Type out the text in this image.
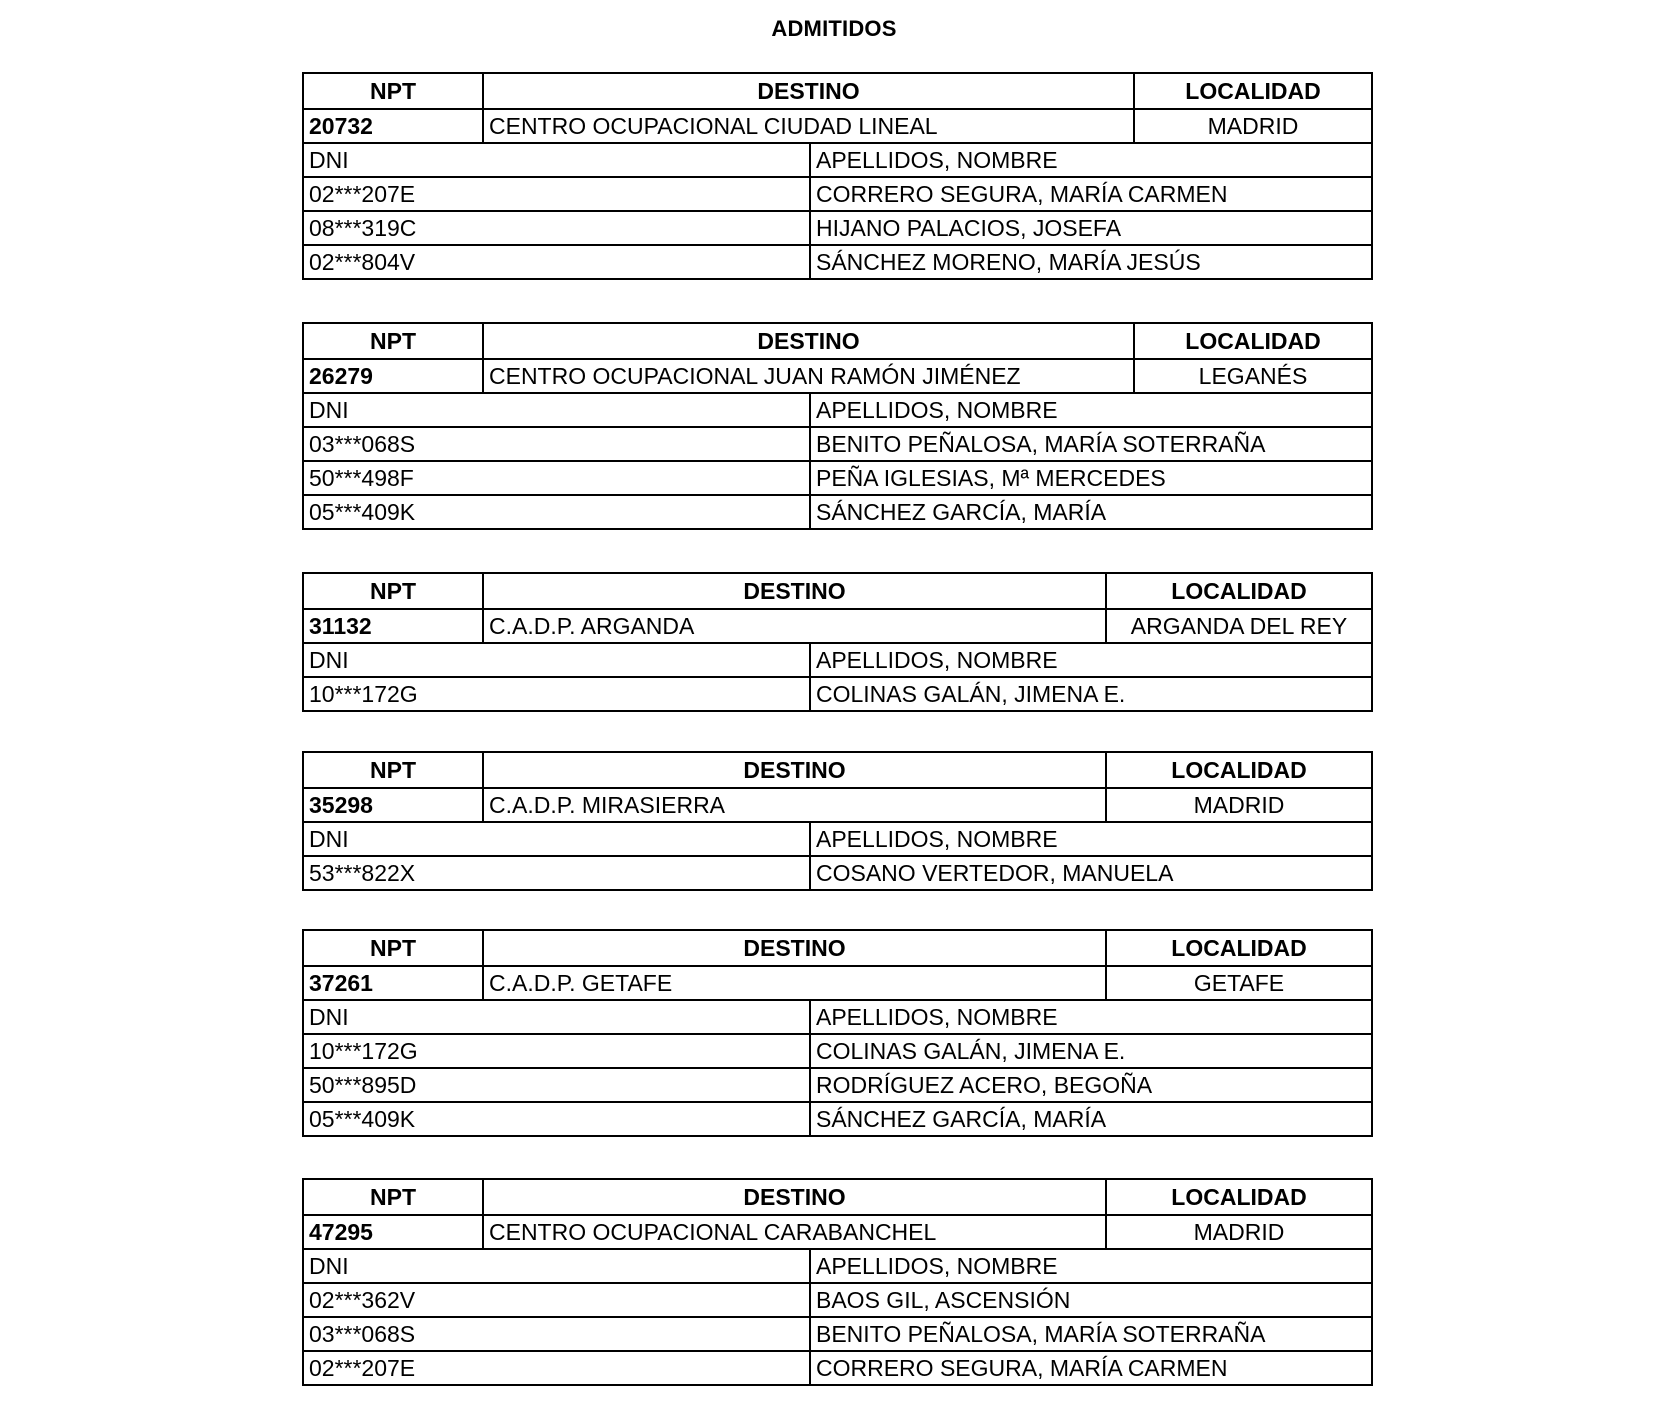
ADMITIDOS
NPT	DESTINO	LOCALIDAD
20732	CENTRO OCUPACIONAL CIUDAD LINEAL	MADRID
DNI	APELLIDOS, NOMBRE
02***207E	CORRERO SEGURA, MARÍA CARMEN
08***319C	HIJANO PALACIOS, JOSEFA
02***804V	SÁNCHEZ MORENO, MARÍA JESÚS
NPT	DESTINO	LOCALIDAD
26279	CENTRO OCUPACIONAL JUAN RAMÓN JIMÉNEZ	LEGANÉS
DNI	APELLIDOS, NOMBRE
03***068S	BENITO PEÑALOSA, MARÍA SOTERRAÑA
50***498F	PEÑA IGLESIAS, Mª MERCEDES
05***409K	SÁNCHEZ GARCÍA, MARÍA
NPT	DESTINO	LOCALIDAD
31132	C.A.D.P. ARGANDA	ARGANDA DEL REY
DNI	APELLIDOS, NOMBRE
10***172G	COLINAS GALÁN, JIMENA E.
NPT	DESTINO	LOCALIDAD
35298	C.A.D.P. MIRASIERRA	MADRID
DNI	APELLIDOS, NOMBRE
53***822X	COSANO VERTEDOR, MANUELA
NPT	DESTINO	LOCALIDAD
37261	C.A.D.P. GETAFE	GETAFE
DNI	APELLIDOS, NOMBRE
10***172G	COLINAS GALÁN, JIMENA E.
50***895D	RODRÍGUEZ ACERO, BEGOÑA
05***409K	SÁNCHEZ GARCÍA, MARÍA
NPT	DESTINO	LOCALIDAD
47295	CENTRO OCUPACIONAL CARABANCHEL	MADRID
DNI	APELLIDOS, NOMBRE
02***362V	BAOS GIL, ASCENSIÓN
03***068S	BENITO PEÑALOSA, MARÍA SOTERRAÑA
02***207E	CORRERO SEGURA, MARÍA CARMEN
